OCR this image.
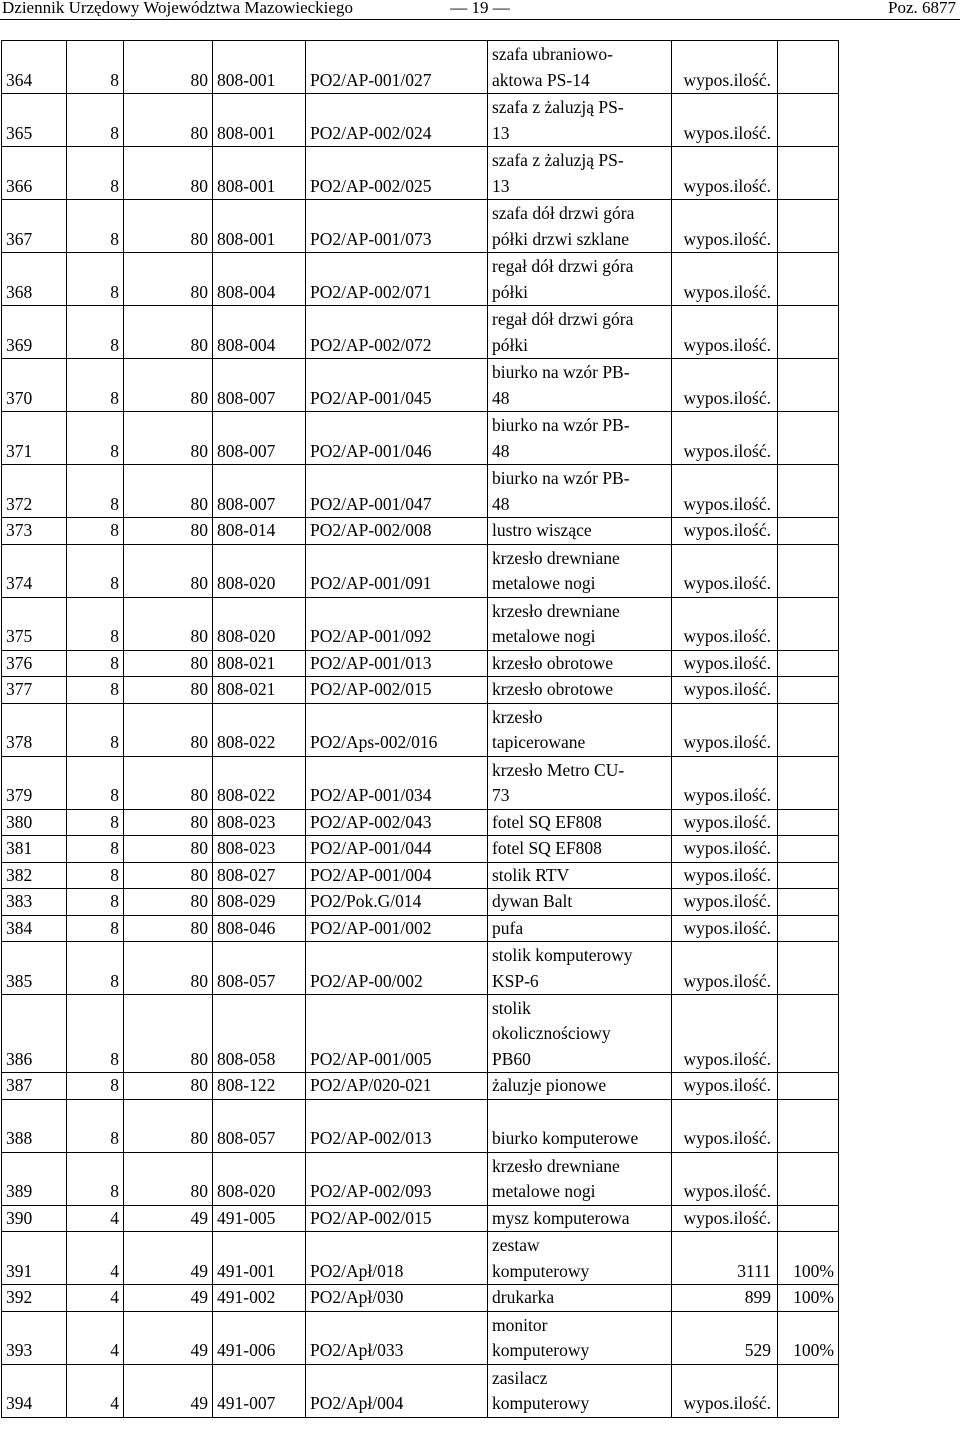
Dziennik Urzędowy Województwa Mazowieckiego	— 19 —	Poz. 6877
364	8	80	808-001	PO2/AP-001/027	szafa ubraniowo-
aktowa PS-14	wypos.ilość.	
365	8	80	808-001	PO2/AP-002/024	szafa z żaluzją PS-
13	wypos.ilość.	
366	8	80	808-001	PO2/AP-002/025	szafa z żaluzją PS-
13	wypos.ilość.	
367	8	80	808-001	PO2/AP-001/073	szafa dół drzwi góra
półki drzwi szklane	wypos.ilość.	
368	8	80	808-004	PO2/AP-002/071	regał dół drzwi góra
półki	wypos.ilość.	
369	8	80	808-004	PO2/AP-002/072	regał dół drzwi góra
półki	wypos.ilość.	
370	8	80	808-007	PO2/AP-001/045	biurko na wzór PB-
48	wypos.ilość.	
371	8	80	808-007	PO2/AP-001/046	biurko na wzór PB-
48	wypos.ilość.	
372	8	80	808-007	PO2/AP-001/047	biurko na wzór PB-
48	wypos.ilość.	
373	8	80	808-014	PO2/AP-002/008	lustro wiszące	wypos.ilość.	
374	8	80	808-020	PO2/AP-001/091	krzesło drewniane
metalowe nogi	wypos.ilość.	
375	8	80	808-020	PO2/AP-001/092	krzesło drewniane
metalowe nogi	wypos.ilość.	
376	8	80	808-021	PO2/AP-001/013	krzesło obrotowe	wypos.ilość.	
377	8	80	808-021	PO2/AP-002/015	krzesło obrotowe	wypos.ilość.	
378	8	80	808-022	PO2/Aps-002/016	krzesło
tapicerowane	wypos.ilość.	
379	8	80	808-022	PO2/AP-001/034	krzesło Metro CU-
73	wypos.ilość.	
380	8	80	808-023	PO2/AP-002/043	fotel SQ EF808	wypos.ilość.	
381	8	80	808-023	PO2/AP-001/044	fotel SQ EF808	wypos.ilość.	
382	8	80	808-027	PO2/AP-001/004	stolik RTV	wypos.ilość.	
383	8	80	808-029	PO2/Pok.G/014	dywan Balt	wypos.ilość.	
384	8	80	808-046	PO2/AP-001/002	pufa	wypos.ilość.	
385	8	80	808-057	PO2/AP-00/002	stolik komputerowy
KSP-6	wypos.ilość.	
386	8	80	808-058	PO2/AP-001/005	stolik
okolicznościowy
PB60	wypos.ilość.	
387	8	80	808-122	PO2/AP/020-021	żaluzje pionowe	wypos.ilość.	
388	8	80	808-057	PO2/AP-002/013	biurko komputerowe	wypos.ilość.	
389	8	80	808-020	PO2/AP-002/093	krzesło drewniane
metalowe nogi	wypos.ilość.	
390	4	49	491-005	PO2/AP-002/015	mysz komputerowa	wypos.ilość.	
391	4	49	491-001	PO2/Apł/018	zestaw
komputerowy	3111	100%
392	4	49	491-002	PO2/Apł/030	drukarka	899	100%
393	4	49	491-006	PO2/Apł/033	monitor
komputerowy	529	100%
394	4	49	491-007	PO2/Apł/004	zasilacz
komputerowy	wypos.ilość.	
